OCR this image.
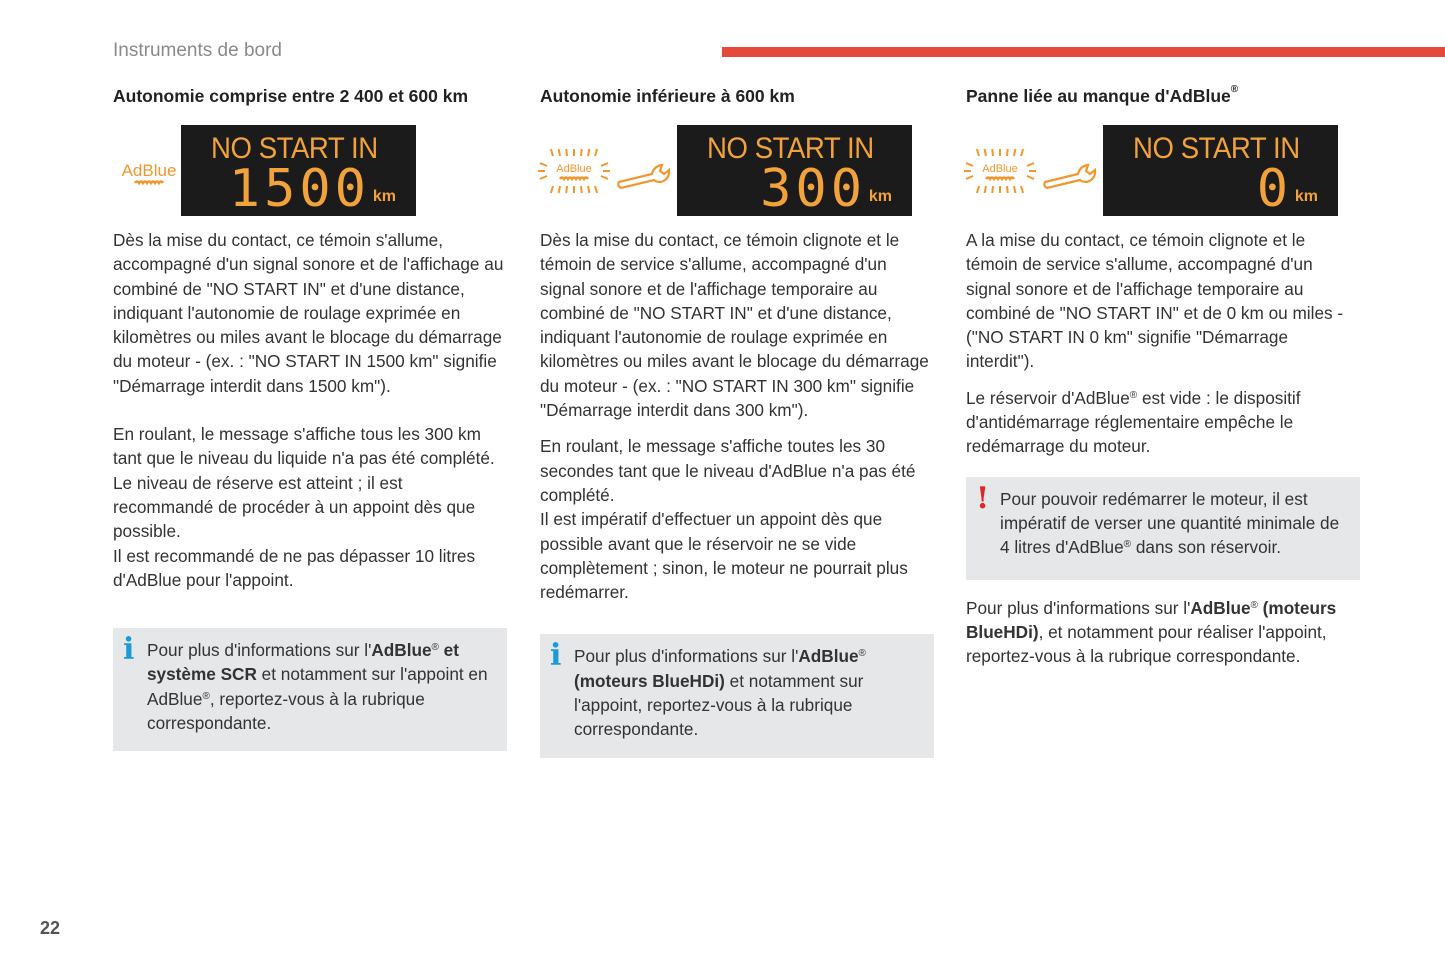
Instruments de bord
Autonomie comprise entre 2 400 et 600 km
AdBlue
NO START IN
1500 km

Dès la mise du contact, ce témoin s'allume, accompagné d'un signal sonore et de l'affichage au combiné de "NO START IN" et d'une distance, indiquant l'autonomie de roulage exprimée en kilomètres ou miles avant le blocage du démarrage du moteur - (ex. : "NO START IN 1500 km" signifie "Démarrage interdit dans 1500 km").

En roulant, le message s'affiche tous les 300 km tant que le niveau du liquide n'a pas été complété.

Le niveau de réserve est atteint ; il est recommandé de procéder à un appoint dès que possible.

Il est recommandé de ne pas dépasser 10 litres d'AdBlue pour l'appoint.

i Pour plus d'informations sur l'AdBlue® et système SCR et notamment sur l'appoint en AdBlue®, reportez-vous à la rubrique correspondante.
Autonomie inférieure à 600 km
AdBlue
NO START IN
300 km

Dès la mise du contact, ce témoin clignote et le témoin de service s'allume, accompagné d'un signal sonore et de l'affichage temporaire au combiné de "NO START IN" et d'une distance, indiquant l'autonomie de roulage exprimée en kilomètres ou miles avant le blocage du démarrage du moteur - (ex. : "NO START IN 300 km" signifie "Démarrage interdit dans 300 km").

En roulant, le message s'affiche toutes les 30 secondes tant que le niveau d'AdBlue n'a pas été complété.

Il est impératif d'effectuer un appoint dès que possible avant que le réservoir ne se vide complètement ; sinon, le moteur ne pourrait plus redémarrer.

i Pour plus d'informations sur l'AdBlue® (moteurs BlueHDi) et notamment sur l'appoint, reportez-vous à la rubrique correspondante.
Panne liée au manque d'AdBlue®
AdBlue
NO START IN
0 km

A la mise du contact, ce témoin clignote et le témoin de service s'allume, accompagné d'un signal sonore et de l'affichage temporaire au combiné de "NO START IN" et de 0 km ou miles - ("NO START IN 0 km" signifie "Démarrage interdit").

Le réservoir d'AdBlue® est vide : le dispositif d'antidémarrage réglementaire empêche le redémarrage du moteur.

! Pour pouvoir redémarrer le moteur, il est impératif de verser une quantité minimale de 4 litres d'AdBlue® dans son réservoir.

Pour plus d'informations sur l'AdBlue® (moteurs BlueHDi), et notamment pour réaliser l'appoint, reportez-vous à la rubrique correspondante.

22
